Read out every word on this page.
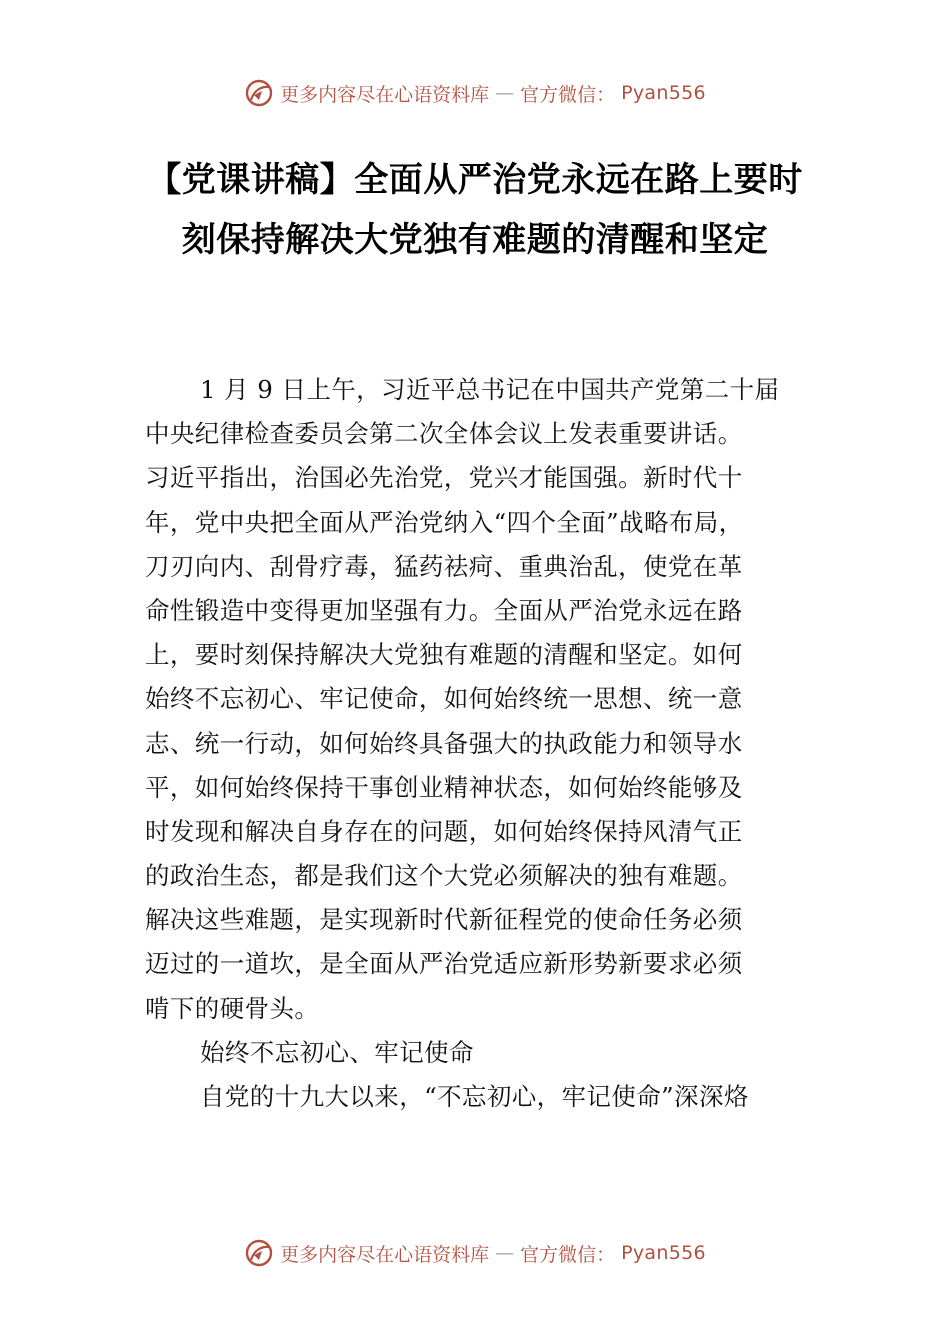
更多内容尽在心语资料库 — 官方微信： Pyan556
【党课讲稿】全面从严治党永远在路上要时
刻保持解决大党独有难题的清醒和坚定
1 月 9 日上午，习近平总书记在中国共产党第二十届
中央纪律检查委员会第二次全体会议上发表重要讲话。
习近平指出，治国必先治党，党兴才能国强。新时代十
年，党中央把全面从严治党纳入“四个全面”战略布局，
刀刃向内、刮骨疗毒，猛药祛疴、重典治乱，使党在革
命性锻造中变得更加坚强有力。全面从严治党永远在路
上，要时刻保持解决大党独有难题的清醒和坚定。如何
始终不忘初心、牢记使命，如何始终统一思想、统一意
志、统一行动，如何始终具备强大的执政能力和领导水
平，如何始终保持干事创业精神状态，如何始终能够及
时发现和解决自身存在的问题，如何始终保持风清气正
的政治生态，都是我们这个大党必须解决的独有难题。
解决这些难题，是实现新时代新征程党的使命任务必须
迈过的一道坎，是全面从严治党适应新形势新要求必须
啃下的硬骨头。
始终不忘初心、牢记使命
自党的十九大以来，“不忘初心，牢记使命”深深烙
更多内容尽在心语资料库 — 官方微信： Pyan556
